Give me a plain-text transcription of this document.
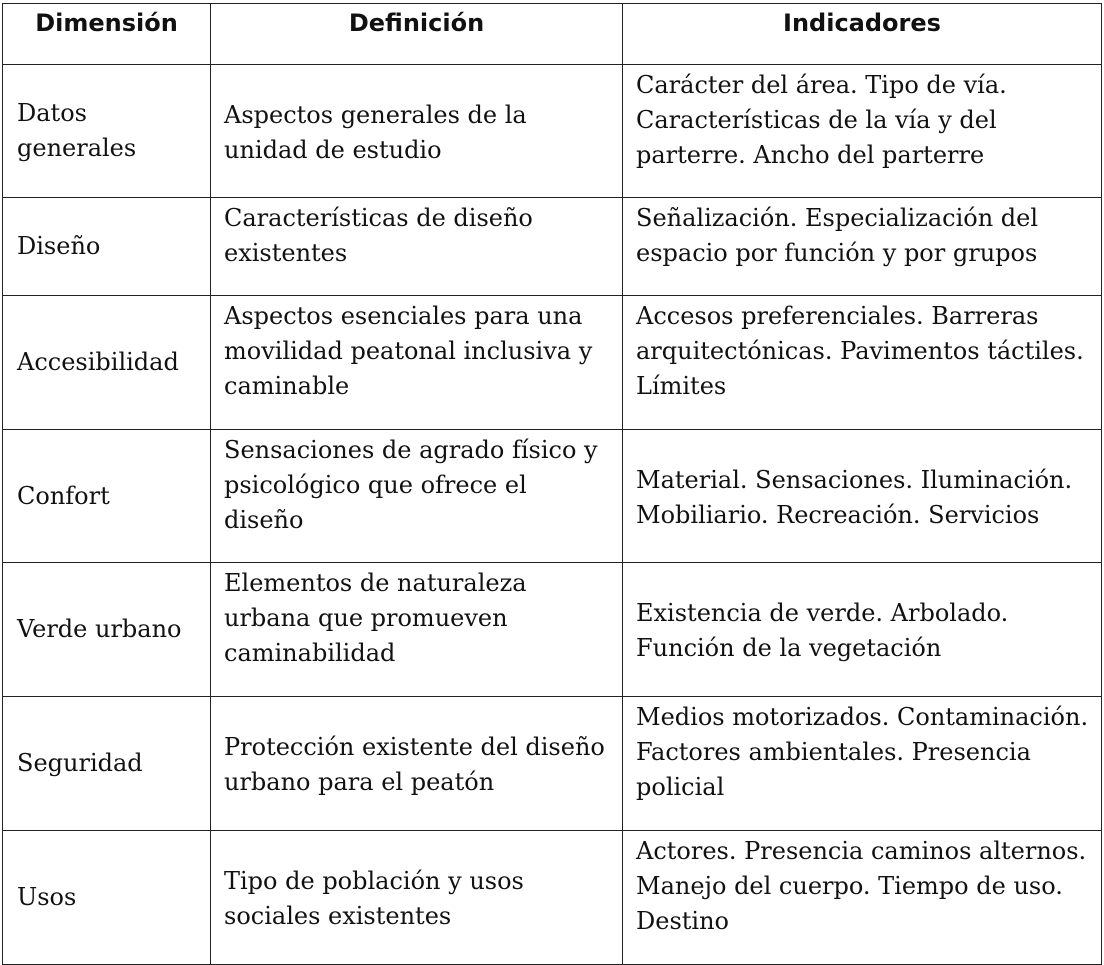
Dimensión	Definición	Indicadores
Datos generales	Aspectos generales de la unidad de estudio	Carácter del área. Tipo de vía. Características de la vía y del parterre. Ancho del parterre
Diseño	Características de diseño existentes	Señalización. Especialización del espacio por función y por grupos
Accesibilidad	Aspectos esenciales para una movilidad peatonal inclusiva y caminable	Accesos preferenciales. Barreras arquitectónicas. Pavimentos táctiles. Límites
Confort	Sensaciones de agrado físico y psicológico que ofrece el diseño	Material. Sensaciones. Iluminación. Mobiliario. Recreación. Servicios
Verde urbano	Elementos de naturaleza urbana que promueven caminabilidad	Existencia de verde. Arbolado. Función de la vegetación
Seguridad	Protección existente del diseño urbano para el peatón	Medios motorizados. Contaminación. Factores ambientales. Presencia policial
Usos	Tipo de población y usos sociales existentes	Actores. Presencia caminos alternos. Manejo del cuerpo. Tiempo de uso. Destino
